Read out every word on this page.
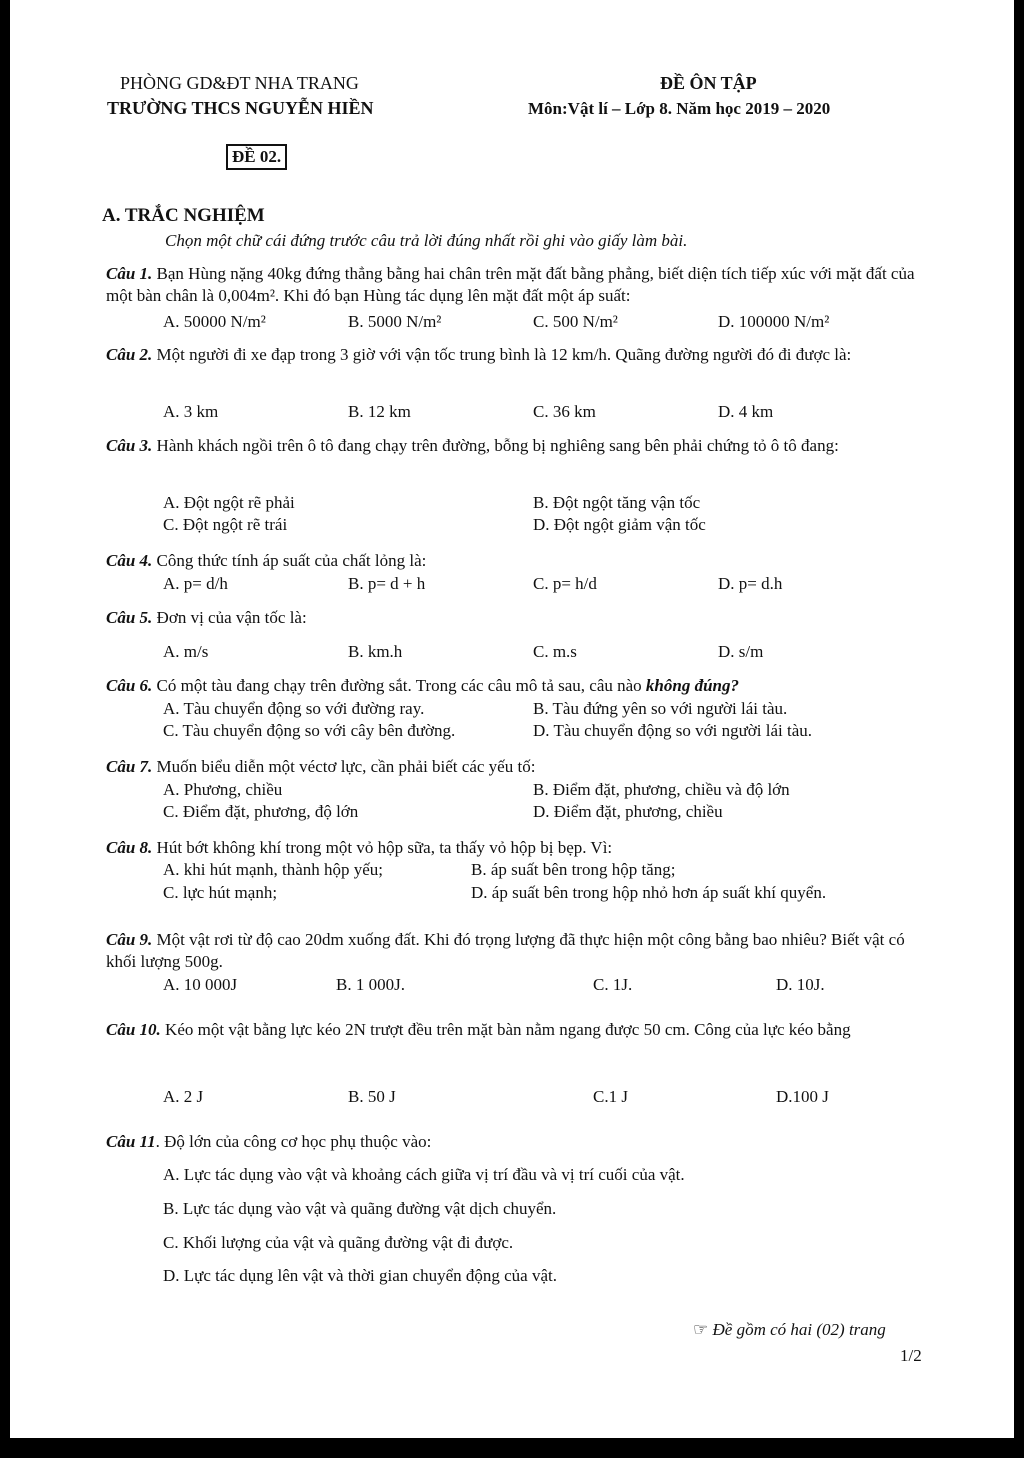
PHÒNG GD&ĐT NHA TRANG
TRƯỜNG THCS NGUYỄN HIỀN
ĐỀ ÔN TẬP
Môn:Vật lí – Lớp 8. Năm học 2019 – 2020
ĐỀ 02.
A. TRẮC NGHIỆM
Chọn một chữ cái đứng trước câu trả lời đúng nhất rồi ghi vào giấy làm bài.
Câu 1. Bạn Hùng nặng 40kg đứng thẳng bằng hai chân trên mặt đất bằng phẳng, biết diện tích tiếp xúc với mặt đất của một bàn chân là 0,004m². Khi đó bạn Hùng tác dụng lên mặt đất một áp suất:
A. 50000 N/m²	B. 5000 N/m²	C. 500 N/m²	D. 100000 N/m²
Câu 2. Một người đi xe đạp trong 3 giờ với vận tốc trung bình là 12 km/h. Quãng đường người đó đi được là:
A. 3 km	B. 12 km	C. 36 km	D. 4 km
Câu 3. Hành khách ngồi trên ô tô đang chạy trên đường, bỗng bị nghiêng sang bên phải chứng tỏ ô tô đang:
A. Đột ngột rẽ phải	B. Đột ngột tăng vận tốc
C. Đột ngột rẽ trái	D. Đột ngột giảm vận tốc
Câu 4. Công thức tính áp suất của chất lỏng là:
A. p= d/h	B. p= d + h	C. p= h/d	D. p= d.h
Câu 5. Đơn vị của vận tốc là:
A. m/s	B. km.h	C. m.s	D. s/m
Câu 6. Có một tàu đang chạy trên đường sắt. Trong các câu mô tả sau, câu nào không đúng?
A. Tàu chuyển động so với đường ray.	B. Tàu đứng yên so với người lái tàu.
C. Tàu chuyển động so với cây bên đường.	D. Tàu chuyển động so với người lái tàu.
Câu 7. Muốn biểu diễn một véctơ lực, cần phải biết các yếu tố:
A. Phương, chiều	B. Điểm đặt, phương, chiều và độ lớn
C. Điểm đặt, phương, độ lớn	D. Điểm đặt, phương, chiều
Câu 8. Hút bớt không khí trong một vỏ hộp sữa, ta thấy vỏ hộp bị bẹp. Vì:
A. khi hút mạnh, thành hộp yếu;	B. áp suất bên trong hộp tăng;
C. lực hút mạnh;	D. áp suất bên trong hộp nhỏ hơn áp suất khí quyển.
Câu 9. Một vật rơi từ độ cao 20dm xuống đất. Khi đó trọng lượng đã thực hiện một công bằng bao nhiêu? Biết vật có khối lượng 500g.
A. 10 000J	B. 1 000J.	C. 1J.	D. 10J.
Câu 10. Kéo một vật bằng lực kéo 2N trượt đều trên mặt bàn nằm ngang được 50 cm. Công của lực kéo bằng
A. 2 J	B. 50 J	C.1 J	D.100 J
Câu 11. Độ lớn của công cơ học phụ thuộc vào:
A. Lực tác dụng vào vật và khoảng cách giữa vị trí đầu và vị trí cuối của vật.
B. Lực tác dụng vào vật và quãng đường vật dịch chuyển.
C. Khối lượng của vật và quãng đường vật đi được.
D. Lực tác dụng lên vật và thời gian chuyển động của vật.
☞ Đề gồm có hai (02) trang
1/2
